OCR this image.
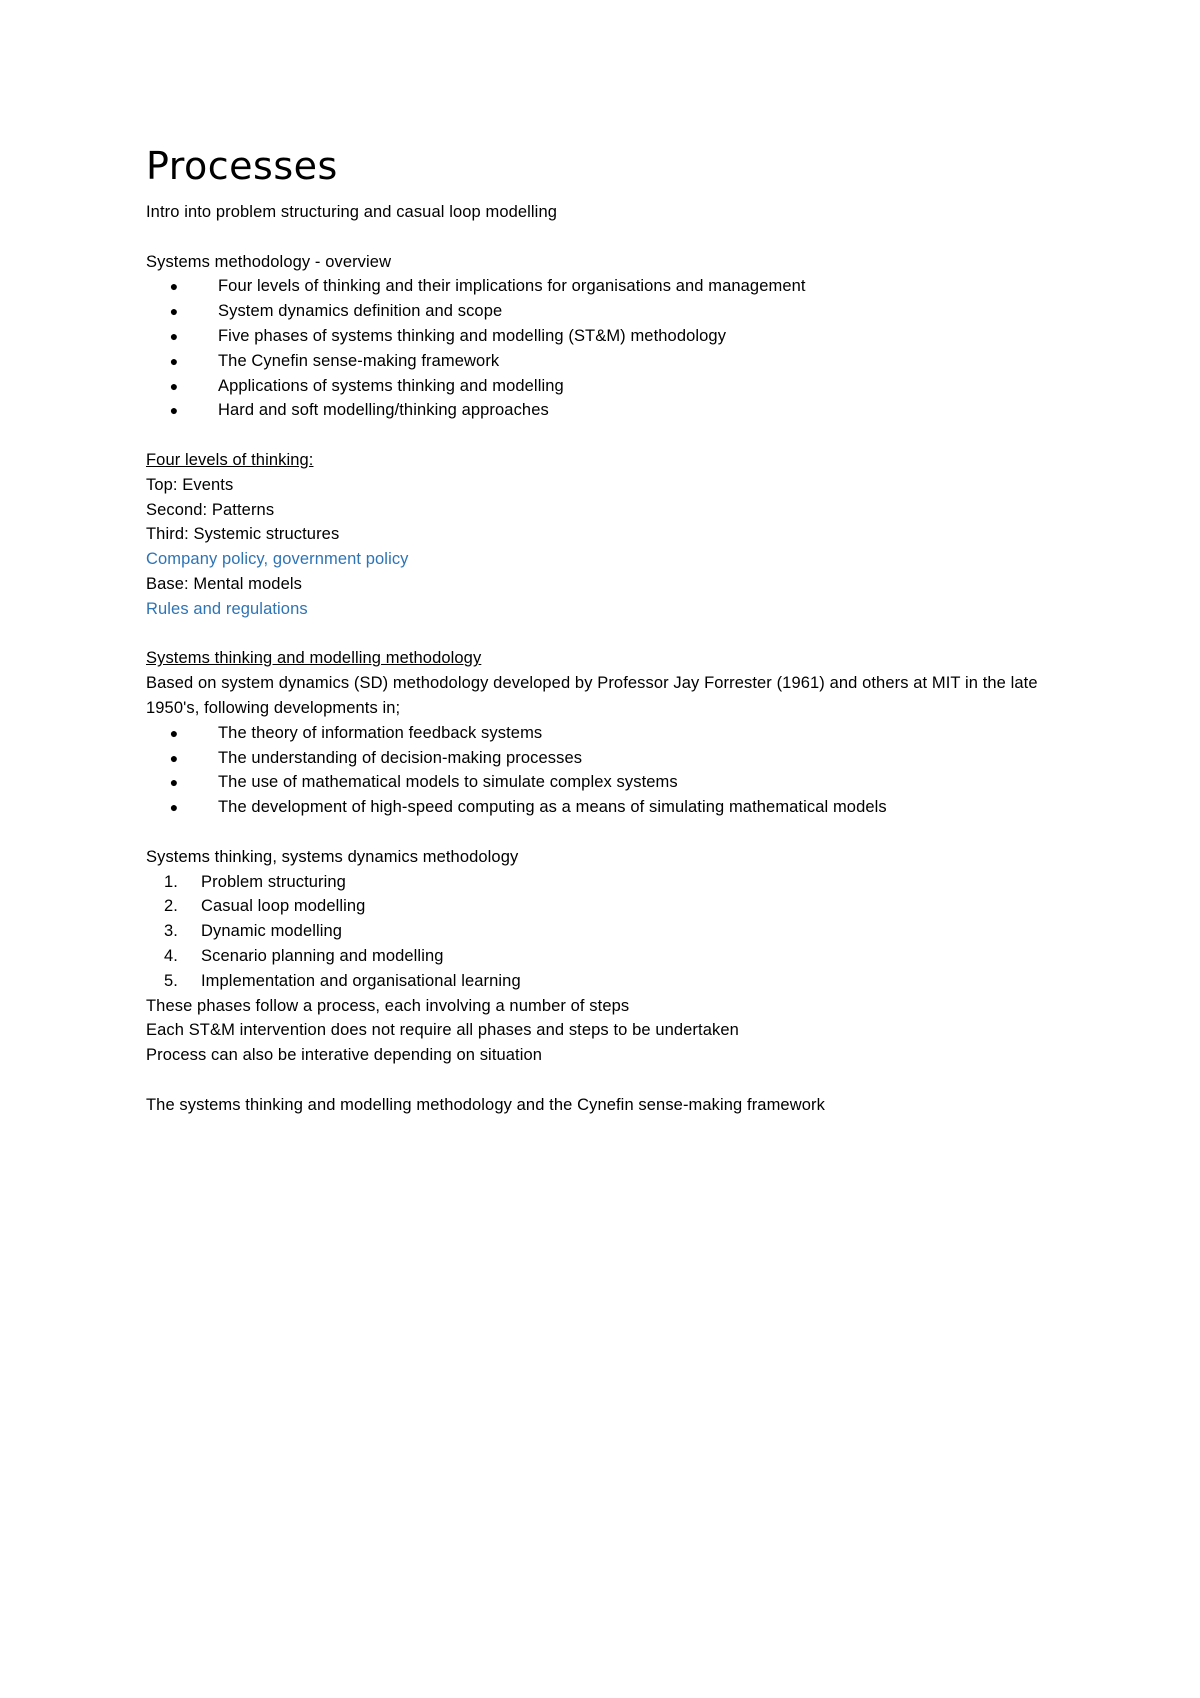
Processes

Intro into problem structuring and casual loop modelling

Systems methodology - overview

●	Four levels of thinking and their implications for organisations and management
●	System dynamics definition and scope
●	Five phases of systems thinking and modelling (ST&M) methodology
●	The Cynefin sense-making framework
●	Applications of systems thinking and modelling
●	Hard and soft modelling/thinking approaches

Four levels of thinking:

Top: Events

Second: Patterns

Third: Systemic structures

Company policy, government policy

Base: Mental models

Rules and regulations

Systems thinking and modelling methodology

Based on system dynamics (SD) methodology developed by Professor Jay Forrester (1961) and others at MIT in the late 1950's, following developments in;

●	The theory of information feedback systems
●	The understanding of decision-making processes
●	The use of mathematical models to simulate complex systems
●	The development of high-speed computing as a means of simulating mathematical models

Systems thinking, systems dynamics methodology

1.	Problem structuring
2.	Casual loop modelling
3.	Dynamic modelling
4.	Scenario planning and modelling
5.	Implementation and organisational learning

These phases follow a process, each involving a number of steps

Each ST&M intervention does not require all phases and steps to be undertaken

Process can also be interative depending on situation

The systems thinking and modelling methodology and the Cynefin sense-making framework
